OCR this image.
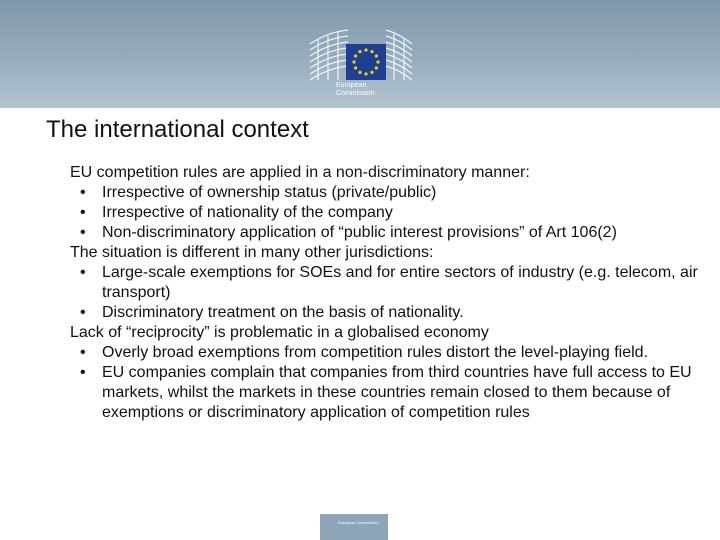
European
Commission
The international context

EU competition rules are applied in a non-discriminatory manner:

• Irrespective of ownership status (private/public)
• Irrespective of nationality of the company
• Non-discriminatory application of “public interest provisions” of Art 106(2)

The situation is different in many other jurisdictions:

• Large-scale exemptions for SOEs and for entire sectors of industry (e.g. telecom, air transport)
• Discriminatory treatment on the basis of nationality.

Lack of “reciprocity” is problematic in a globalised economy

• Overly broad exemptions from competition rules distort the level-playing field.
• EU companies complain that companies from third countries have full access to EU markets, whilst the markets in these countries remain closed to them because of exemptions or discriminatory application of competition rules
European Commission
